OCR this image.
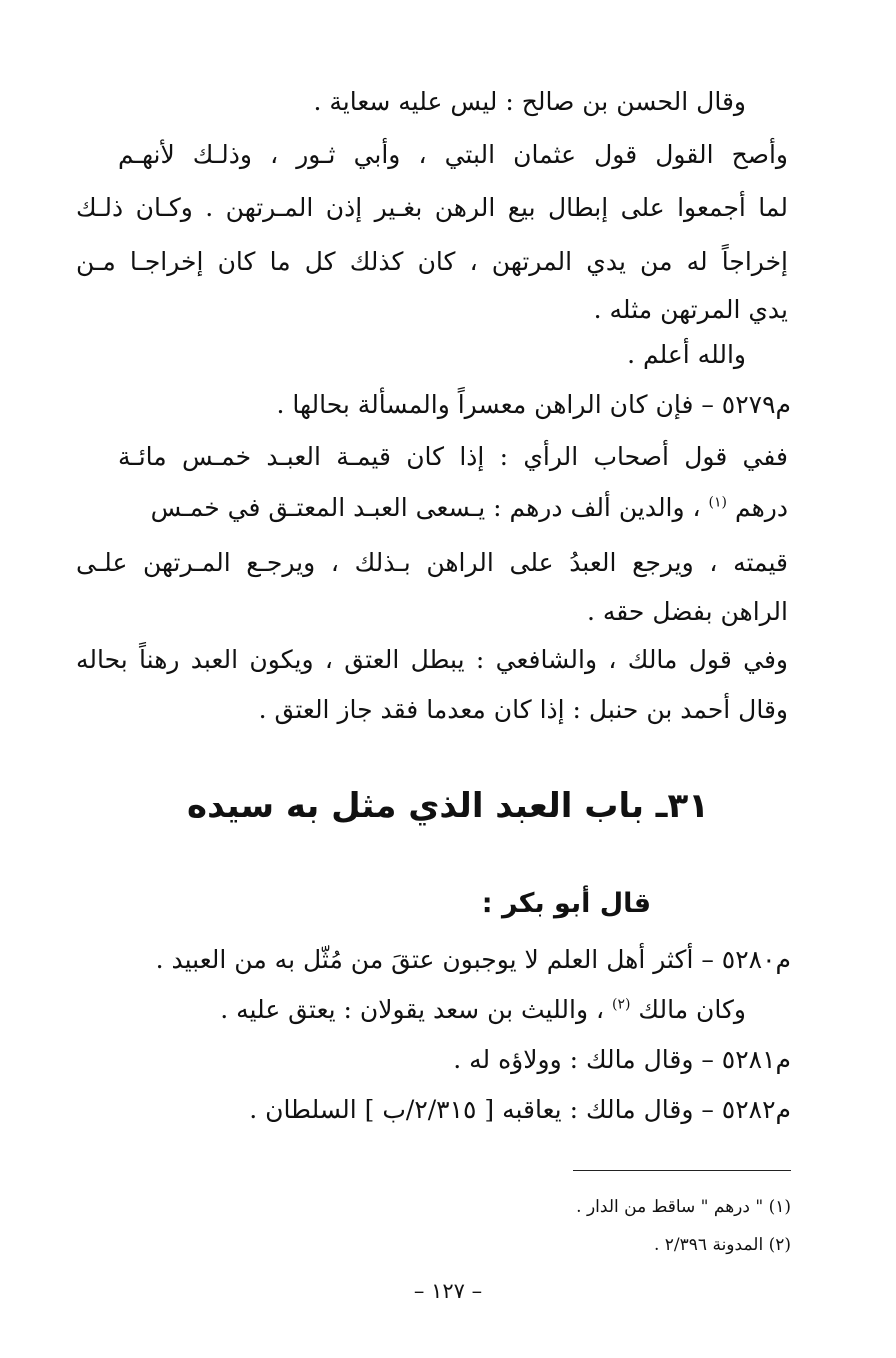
وقال الحسن بن صالح : ليس عليه سعاية .
وأصح القول قول عثمان البتي ، وأبي ثـور ، وذلـك لأنهـم
لما أجمعوا على إبطال بيع الرهن بغـير إذن المـرتهن . وكـان ذلـك
إخراجاً له من يدي المرتهن ، كان كذلك كل ما كان إخراجـا مـن
يدي المرتهن مثله .
والله أعلم .
م٥٢٧٩ – فإن كان الراهن معسراً والمسألة بحالها .
ففي قول أصحاب الرأي : إذا كان قيمـة العبـد خمـس مائـة
درهم $^{(١)}$ ، والدين ألف درهم : يـسعى العبـد المعتـق في خمـس
قيمته ، ويرجع العبدُ على الراهن بـذلك ، ويرجـع المـرتهن علـى
الراهن بفضل حقه .
وفي قول مالك ، والشافعي : يبطل العتق ، ويكون العبد رهناً بحاله
وقال أحمد بن حنبل : إذا كان معدما فقد جاز العتق .
٣١ـ باب العبد الذي مثل به سيده
قال أبو بكر :
م٥٢٨٠ – أكثر أهل العلم لا يوجبون عتقَ من مُثّل به من العبيد .
وكان مالك $^{(٢)}$ ، والليث بن سعد يقولان : يعتق عليه .
م٥٢٨١ – وقال مالك : وولاؤه له .
م٥٢٨٢ – وقال مالك : يعاقبه [ ٢/٣١٥/ب ] السلطان .
(١) " درهم " ساقط من الدار .
(٢) المدونة ٢/٣٩٦ .
– ١٢٧ –
